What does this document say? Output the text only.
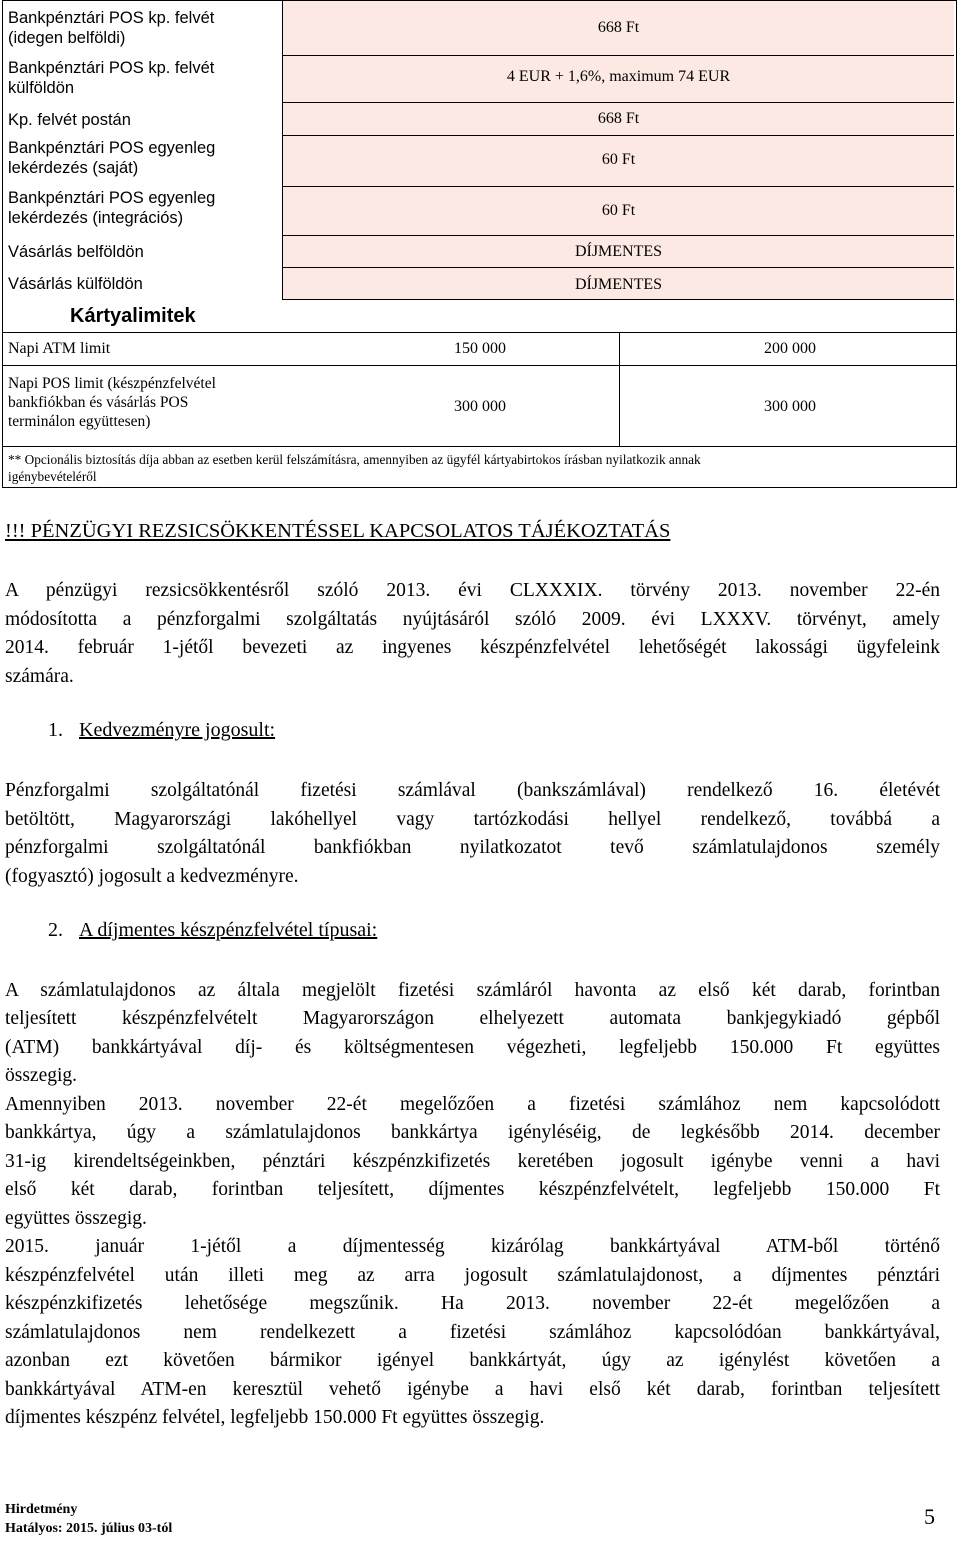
Bankpénztári POS kp. felvét
(idegen belföldi)
668 Ft
Bankpénztári POS kp. felvét
külföldön
4 EUR + 1,6%, maximum 74 EUR
Kp. felvét postán	668 Ft
Bankpénztári POS egyenleg
lekérdezés (saját)	60 Ft
Bankpénztári POS egyenleg
lekérdezés (integrációs)	60 Ft
Vásárlás belföldön	DÍJMENTES
Vásárlás külföldön	DÍJMENTES
Kártyalimitek
Napi ATM limit	150 000	200 000
Napi POS limit (készpénzfelvétel
bankfiókban és vásárlás POS
terminálon együttesen)
300 000	300 000
** Opcionális biztosítás díja abban az esetben kerül felszámításra, amennyiben az ügyfél kártyabirtokos írásban nyilatkozik annak
igénybevételéről
!!! PÉNZÜGYI REZSICSÖKKENTÉSSEL KAPCSOLATOS TÁJÉKOZTATÁS
A pénzügyi rezsicsökkentésről szóló 2013. évi CLXXXIX. törvény 2013. november 22-én
módosította a pénzforgalmi szolgáltatás nyújtásáról szóló 2009. évi LXXXV. törvényt, amely
2014. február 1-jétől bevezeti az ingyenes készpénzfelvétel lehetőségét lakossági ügyfeleink
számára.
1. Kedvezményre jogosult:
Pénzforgalmi szolgáltatónál fizetési számlával (bankszámlával) rendelkező 16. életévét
betöltött, Magyarországi lakóhellyel vagy tartózkodási hellyel rendelkező, továbbá a
pénzforgalmi szolgáltatónál bankfiókban nyilatkozatot tevő számlatulajdonos személy
(fogyasztó) jogosult a kedvezményre.
2. A díjmentes készpénzfelvétel típusai:
A számlatulajdonos az általa megjelölt fizetési számláról havonta az első két darab, forintban
teljesített készpénzfelvételt Magyarországon elhelyezett automata bankjegykiadó gépből
(ATM) bankkártyával díj- és költségmentesen végezheti, legfeljebb 150.000 Ft együttes
összegig.
Amennyiben 2013. november 22-ét megelőzően a fizetési számlához nem kapcsolódott
bankkártya, úgy a számlatulajdonos bankkártya igényléséig, de legkésőbb 2014. december
31-ig kirendeltségeinkben, pénztári készpénzkifizetés keretében jogosult igénybe venni a havi
első két darab, forintban teljesített, díjmentes készpénzfelvételt, legfeljebb 150.000 Ft
együttes összegig.
2015. január 1-jétől a díjmentesség kizárólag bankkártyával ATM-ből történő
készpénzfelvétel után illeti meg az arra jogosult számlatulajdonost, a díjmentes pénztári
készpénzkifizetés lehetősége megszűnik. Ha 2013. november 22-ét megelőzően a
számlatulajdonos nem rendelkezett a fizetési számlához kapcsolódóan bankkártyával,
azonban ezt követően bármikor igényel bankkártyát, úgy az igénylést követően a
bankkártyával ATM-en keresztül vehető igénybe a havi első két darab, forintban teljesített
díjmentes készpénz felvétel, legfeljebb 150.000 Ft együttes összegig.
Hirdetmény
Hatályos: 2015. július 03-tól	5
